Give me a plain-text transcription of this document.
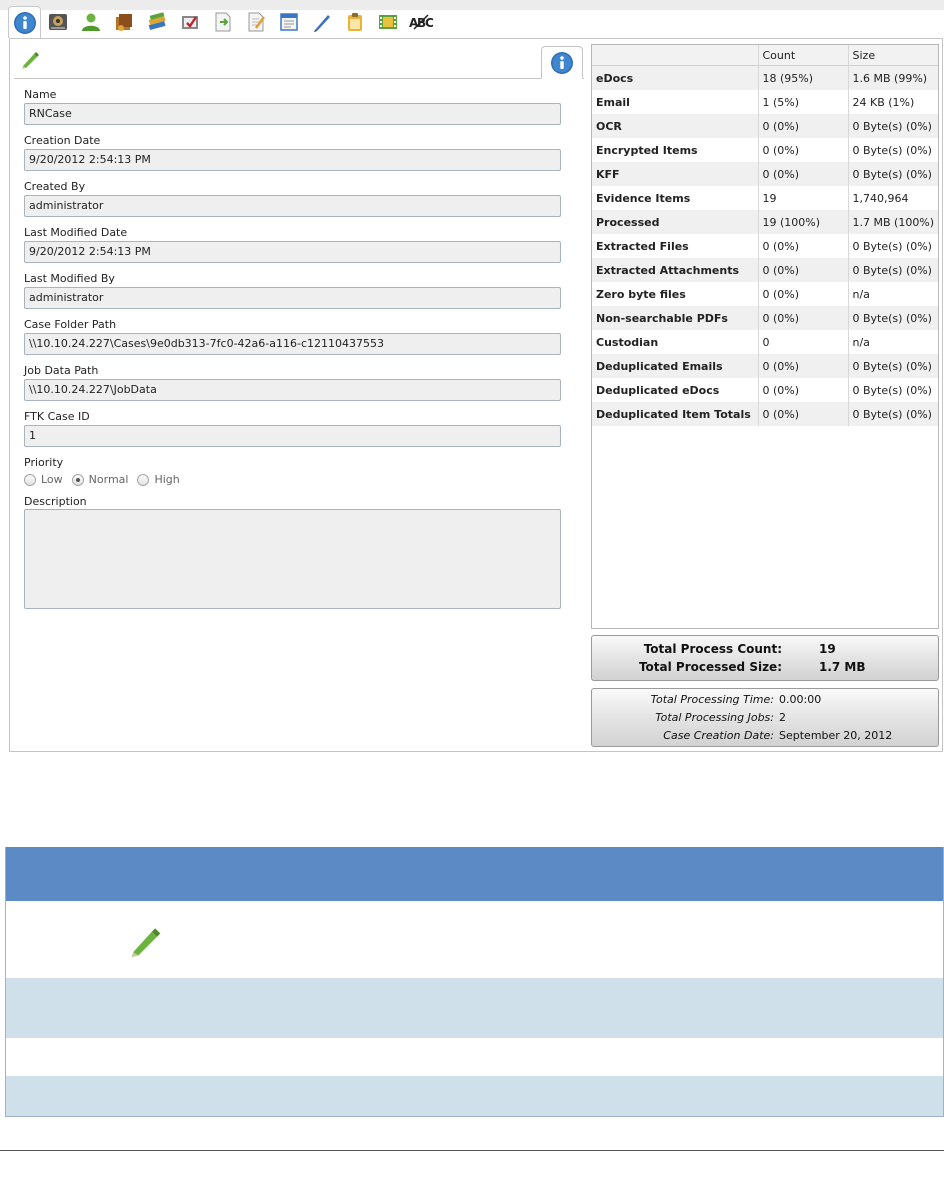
A
B
C
Name
RNCase
Creation Date
9/20/2012 2:54:13 PM
Created By
administrator
Last Modified Date
9/20/2012 2:54:13 PM
Last Modified By
administrator
Case Folder Path
\\10.10.24.227\Cases\9e0db313-7fc0-42a6-a116-c12110437553
Job Data Path
\\10.10.24.227\JobData
FTK Case ID
1
Priority
Low Normal High
Description
	Count	Size
eDocs	18 (95%)	1.6 MB (99%)
Email	1 (5%)	24 KB (1%)
OCR	0 (0%)	0 Byte(s) (0%)
Encrypted Items	0 (0%)	0 Byte(s) (0%)
KFF	0 (0%)	0 Byte(s) (0%)
Evidence Items	19	1,740,964
Processed	19 (100%)	1.7 MB (100%)
Extracted Files	0 (0%)	0 Byte(s) (0%)
Extracted Attachments	0 (0%)	0 Byte(s) (0%)
Zero byte files	0 (0%)	n/a
Non-searchable PDFs	0 (0%)	0 Byte(s) (0%)
Custodian	0	n/a
Deduplicated Emails	0 (0%)	0 Byte(s) (0%)
Deduplicated eDocs	0 (0%)	0 Byte(s) (0%)
Deduplicated Item Totals	0 (0%)	0 Byte(s) (0%)
Total Process Count:	19
Total Processed Size:	1.7 MB
Total Processing Time: 0.00:00
Total Processing Jobs: 2
Case Creation Date: September 20, 2012
